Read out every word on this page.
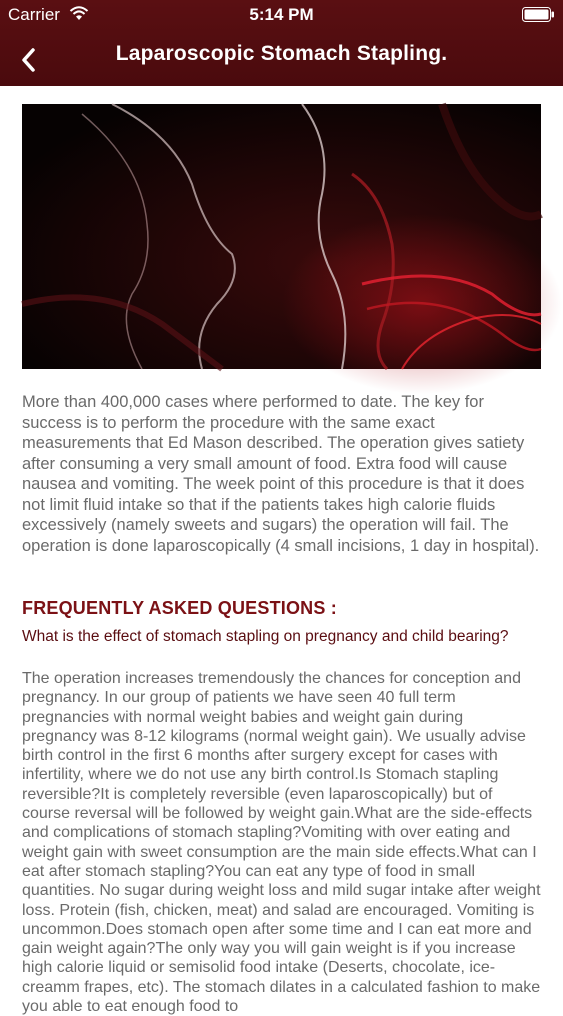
Carrier	5:14 PM
Laparoscopic Stomach Stapling.
More than 400,000 cases where performed to date. The key for success is to perform the procedure with the same exact measurements that Ed Mason described. The operation gives satiety after consuming a very small amount of food. Extra food will cause nausea and vomiting. The week point of this procedure is that it does not limit fluid intake so that if the patients takes high calorie fluids excessively (namely sweets and sugars) the operation will fail. The operation is done laparoscopically (4 small incisions, 1 day in hospital).
FREQUENTLY ASKED QUESTIONS :
What is the effect of stomach stapling on pregnancy and child bearing?
The operation increases tremendously the chances for conception and pregnancy. In our group of patients we have seen 40 full term pregnancies with normal weight babies and weight gain during pregnancy was 8-12 kilograms (normal weight gain). We usually advise birth control in the first 6 months after surgery except for cases with infertility, where we do not use any birth control.Is Stomach stapling reversible?It is completely reversible (even laparoscopically) but of course reversal will be followed by weight gain.What are the side-effects and complications of stomach stapling?Vomiting with over eating and weight gain with sweet consumption are the main side effects.What can I eat after stomach stapling?You can eat any type of food in small quantities. No sugar during weight loss and mild sugar intake after weight loss. Protein (fish, chicken, meat) and salad are encouraged. Vomiting is uncommon.Does stomach open after some time and I can eat more and gain weight again?The only way you will gain weight is if you increase high calorie liquid or semisolid food intake (Deserts, chocolate, ice-creamm frapes, etc). The stomach dilates in a calculated fashion to make you able to eat enough food to
